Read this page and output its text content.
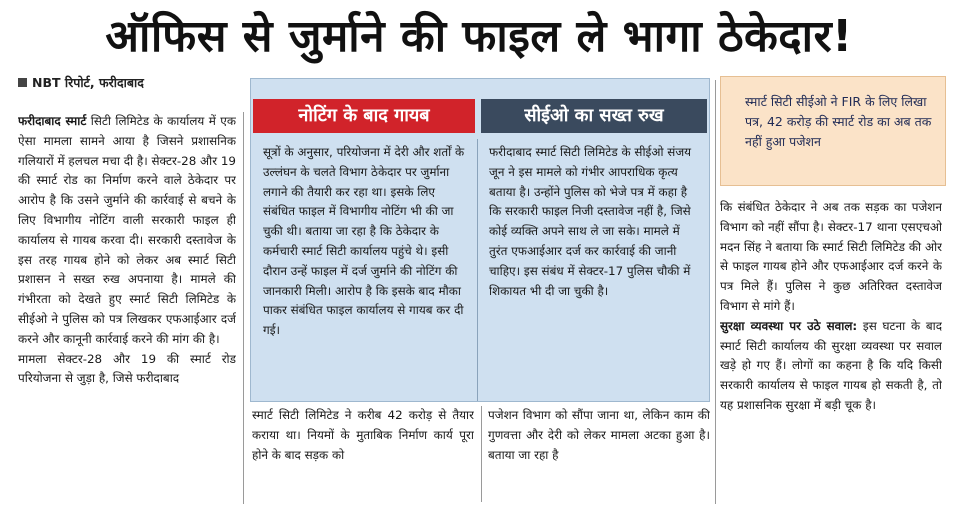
ऑफिस से जुर्माने की फाइल ले भागा ठेकेदार!
NBT रिपोर्ट, फरीदाबाद

फरीदाबाद स्मार्ट सिटी लिमिटेड के कार्यालय में एक ऐसा मामला सामने आया है जिसने प्रशासनिक गलियारों में हलचल मचा दी है। सेक्टर-28 और 19 की स्मार्ट रोड का निर्माण करने वाले ठेकेदार पर आरोप है कि उसने जुर्माने की कार्रवाई से बचने के लिए विभागीय नोटिंग वाली सरकारी फाइल ही कार्यालय से गायब करवा दी। सरकारी दस्तावेज के इस तरह गायब होने को लेकर अब स्मार्ट सिटी प्रशासन ने सख्त रुख अपनाया है। मामले की गंभीरता को देखते हुए स्मार्ट सिटी लिमिटेड के सीईओ ने पुलिस को पत्र लिखकर एफआईआर दर्ज करने और कानूनी कार्रवाई करने की मांग की है।

मामला सेक्टर-28 और 19 की स्मार्ट रोड परियोजना से जुड़ा है, जिसे फरीदाबाद

नोटिंग के बाद गायब	सीईओ का सख्त रुख
सूत्रों के अनुसार, परियोजना में देरी और शर्तों के उल्लंघन के चलते विभाग ठेकेदार पर जुर्माना लगाने की तैयारी कर रहा था। इसके लिए संबंधित फाइल में विभागीय नोटिंग भी की जा चुकी थी। बताया जा रहा है कि ठेकेदार के कर्मचारी स्मार्ट सिटी कार्यालय पहुंचे थे। इसी दौरान उन्हें फाइल में दर्ज जुर्माने की नोटिंग की जानकारी मिली। आरोप है कि इसके बाद मौका पाकर संबंधित फाइल कार्यालय से गायब कर दी गई।
फरीदाबाद स्मार्ट सिटी लिमिटेड के सीईओ संजय जून ने इस मामले को गंभीर आपराधिक कृत्य बताया है। उन्होंने पुलिस को भेजे पत्र में कहा है कि सरकारी फाइल निजी दस्तावेज नहीं है, जिसे कोई व्यक्ति अपने साथ ले जा सके। मामले में तुरंत एफआईआर दर्ज कर कार्रवाई की जानी चाहिए। इस संबंध में सेक्टर-17 पुलिस चौकी में शिकायत भी दी जा चुकी है।
स्मार्ट सिटी लिमिटेड ने करीब 42 करोड़ से तैयार कराया था। नियमों के मुताबिक निर्माण कार्य पूरा होने के बाद सड़क को
पजेशन विभाग को सौंपा जाना था, लेकिन काम की गुणवत्ता और देरी को लेकर मामला अटका हुआ है। बताया जा रहा है
स्मार्ट सिटी सीईओ ने FIR के लिए लिखा पत्र, 42 करोड़ की स्मार्ट रोड का अब तक नहीं हुआ पजेशन

कि संबंधित ठेकेदार ने अब तक सड़क का पजेशन विभाग को नहीं सौंपा है। सेक्टर-17 थाना एसएचओ मदन सिंह ने बताया कि स्मार्ट सिटी लिमिटेड की ओर से फाइल गायब होने और एफआईआर दर्ज करने के पत्र मिले हैं। पुलिस ने कुछ अतिरिक्त दस्तावेज विभाग से मांगे हैं।

सुरक्षा व्यवस्था पर उठे सवाल: इस घटना के बाद स्मार्ट सिटी कार्यालय की सुरक्षा व्यवस्था पर सवाल खड़े हो गए हैं। लोगों का कहना है कि यदि किसी सरकारी कार्यालय से फाइल गायब हो सकती है, तो यह प्रशासनिक सुरक्षा में बड़ी चूक है।
